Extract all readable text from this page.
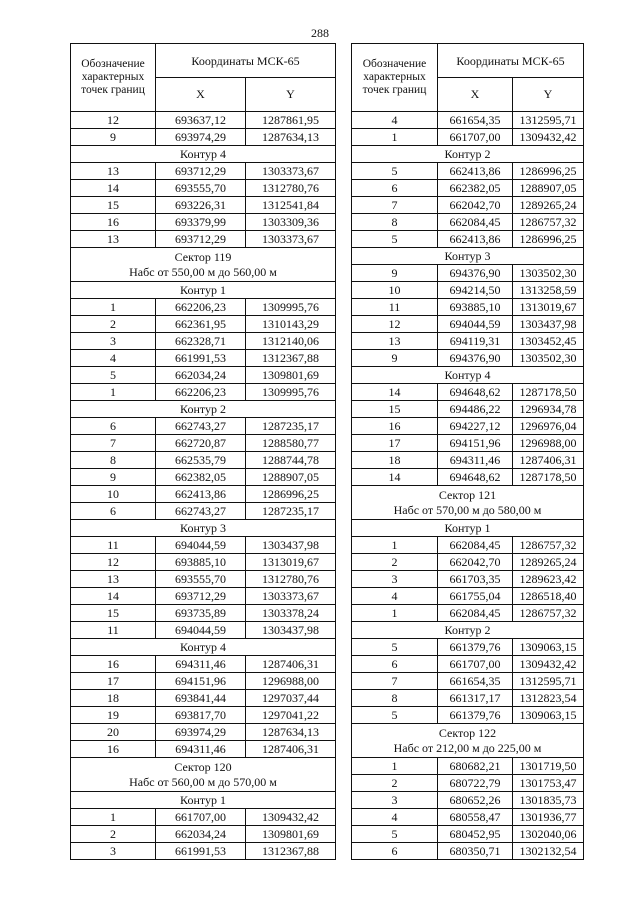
288
Обозначение характерных точек границ	Координаты МСК-65	
	X	Y
12	693637,12	1287861,95
9	693974,29	1287634,13
Контур 4		
13	693712,29	1303373,67
14	693555,70	1312780,76
15	693226,31	1312541,84
16	693379,99	1303309,36
13	693712,29	1303373,67

Сектор 119
Набс от 550,00 м до 560,00 м		

Контур 1		
1	662206,23	1309995,76
2	662361,95	1310143,29
3	662328,71	1312140,06
4	661991,53	1312367,88
5	662034,24	1309801,69
1	662206,23	1309995,76
Контур 2		
6	662743,27	1287235,17
7	662720,87	1288580,77
8	662535,79	1288744,78
9	662382,05	1288907,05
10	662413,86	1286996,25
6	662743,27	1287235,17
Контур 3		
11	694044,59	1303437,98
12	693885,10	1313019,67
13	693555,70	1312780,76
14	693712,29	1303373,67
15	693735,89	1303378,24
11	694044,59	1303437,98
Контур 4		
16	694311,46	1287406,31
17	694151,96	1296988,00
18	693841,44	1297037,44
19	693817,70	1297041,22
20	693974,29	1287634,13
16	694311,46	1287406,31

Сектор 120
Набс от 560,00 м до 570,00 м		

Контур 1		
1	661707,00	1309432,42
2	662034,24	1309801,69
3	661991,53	1312367,88
Обозначение характерных точек границ	Координаты МСК-65	
	X	Y
4	661654,35	1312595,71
1	661707,00	1309432,42
Контур 2		
5	662413,86	1286996,25
6	662382,05	1288907,05
7	662042,70	1289265,24
8	662084,45	1286757,32
5	662413,86	1286996,25
Контур 3		
9	694376,90	1303502,30
10	694214,50	1313258,59
11	693885,10	1313019,67
12	694044,59	1303437,98
13	694119,31	1303452,45
9	694376,90	1303502,30
Контур 4		
14	694648,62	1287178,50
15	694486,22	1296934,78
16	694227,12	1296976,04
17	694151,96	1296988,00
18	694311,46	1287406,31
14	694648,62	1287178,50

Сектор 121
Набс от 570,00 м до 580,00 м		

Контур 1		
1	662084,45	1286757,32
2	662042,70	1289265,24
3	661703,35	1289623,42
4	661755,04	1286518,40
1	662084,45	1286757,32
Контур 2		
5	661379,76	1309063,15
6	661707,00	1309432,42
7	661654,35	1312595,71
8	661317,17	1312823,54
5	661379,76	1309063,15

Сектор 122
Набс от 212,00 м до 225,00 м		

1	680682,21	1301719,50
2	680722,79	1301753,47
3	680652,26	1301835,73
4	680558,47	1301936,77
5	680452,95	1302040,06
6	680350,71	1302132,54
